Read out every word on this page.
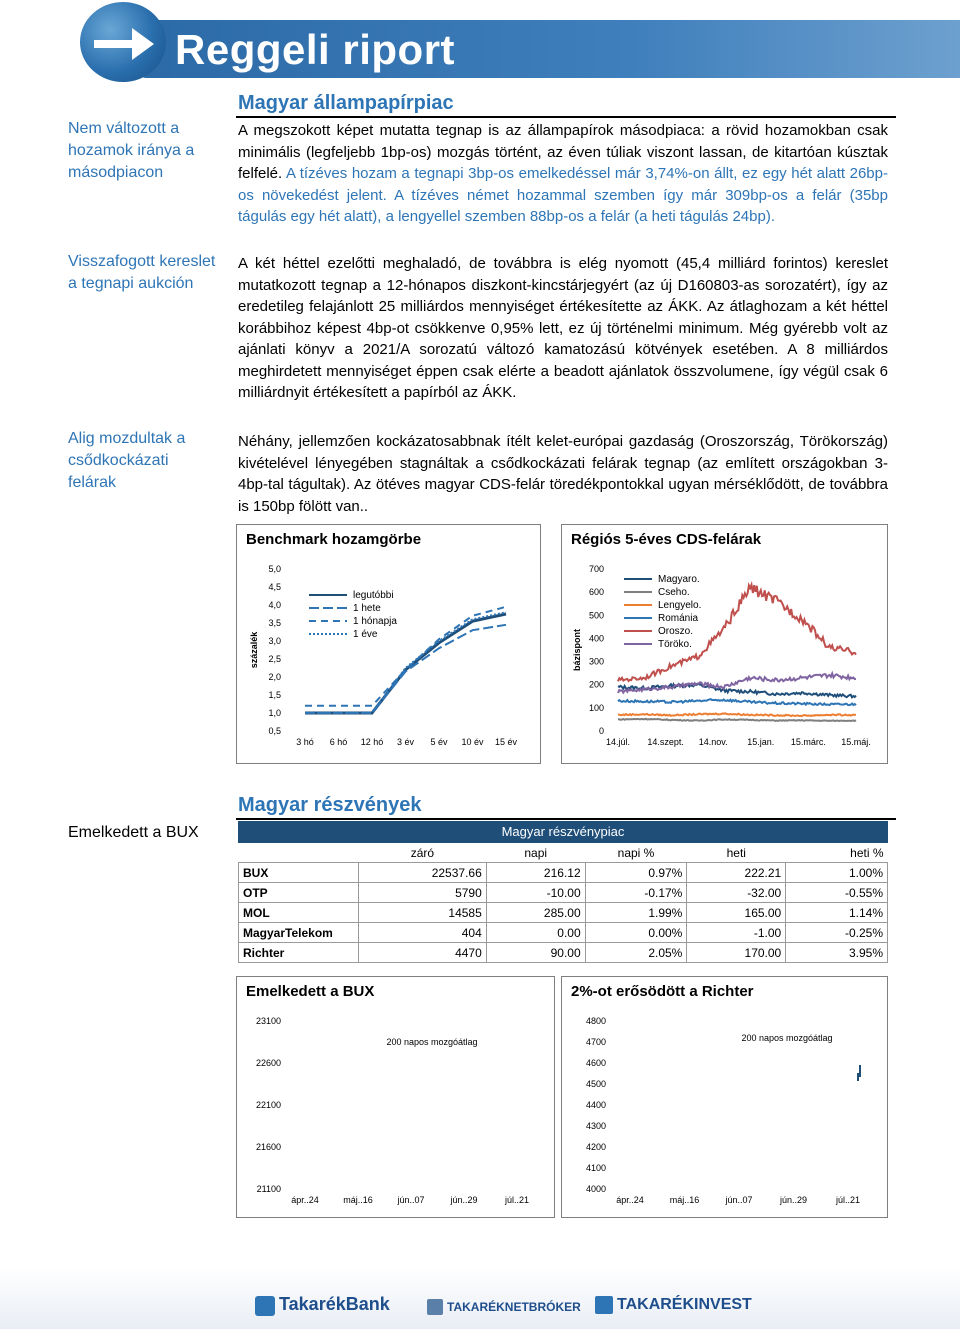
Reggeli riport
Magyar állampapírpiac
Nem változott a hozamok iránya a másodpiacon
Visszafogott kereslet a tegnapi aukción
Alig mozdultak a csődkockázati felárak
A megszokott képet mutatta tegnap is az állampapírok másodpiaca: a rövid hozamokban csak minimális (legfeljebb 1bp-os) mozgás történt, az éven túliak viszont lassan, de kitartóan kúsztak felfelé. A tízéves hozam a tegnapi 3bp-os emelkedéssel már 3,74%-on állt, ez egy hét alatt 26bp-os növekedést jelent. A tízéves német hozammal szemben így már 309bp-os a felár (35bp tágulás egy hét alatt), a lengyellel szemben 88bp-os a felár (a heti tágulás 24bp).
A két héttel ezelőtti meghaladó, de továbbra is elég nyomott (45,4 milliárd forintos) kereslet mutatkozott tegnap a 12-hónapos diszkont-kincstárjegyért (az új D160803-as sorozatért), így az eredetileg felajánlott 25 milliárdos mennyiséget értékesítette az ÁKK. Az átlaghozam a két héttel korábbihoz képest 4bp-ot csökkenve 0,95% lett, ez új történelmi minimum. Még gyérebb volt az ajánlati könyv a 2021/A sorozatú változó kamatozású kötvények esetében. A 8 milliárdos meghirdetett mennyiséget éppen csak elérte a beadott ajánlatok összvolumene, így végül csak 6 milliárdnyit értékesített a papírból az ÁKK.
Néhány, jellemzően kockázatosabbnak ítélt kelet-európai gazdaság (Oroszország, Törökország) kivételével lényegében stagnáltak a csődkockázati felárak tegnap (az említett országokban 3-4bp-tal tágultak). Az ötéves magyar CDS-felár töredékpontokkal ugyan mérséklődött, de továbbra is 150bp fölött van..
Benchmark hozamgörbe
5,0
4,5
4,0
3,5
3,0
2,5
2,0
1,5
1,0
0,5
százalék
3 hó 6 hó 12 hó 3 év 5 év 10 év 15 év
legutóbbi
1 hete
1 hónapja
1 éve
Régiós 5-éves CDS-felárak
700
600
500
400
300
200
100
0
bázispont
14.júl. 14.szept. 14.nov. 15.jan. 15.márc. 15.máj.
Magyaro.
Cseho.
Lengyelo.
Románia
Oroszo.
Töröko.
Magyar részvények
Emelkedett a BUX	Magyar részvénypiac
	záró	napi	napi %	heti	heti %
BUX	22537.66	216.12	0.97%	222.21	1.00%
OTP	5790	-10.00	-0.17%	-32.00	-0.55%
MOL	14585	285.00	1.99%	165.00	1.14%
MagyarTelekom	404	0.00	0.00%	-1.00	-0.25%
Richter	4470	90.00	2.05%	170.00	3.95%
Emelkedett a BUX
23100
22600
22100
21600
21100
ápr..24	máj..16	jún..07	jún..29	júl..21
200 napos mozgóátlag
2%-ot erősödött a Richter
4800
4700
4600
4500
4400
4300
4200
4100
4000
ápr..24	máj..16	jún..07	jún..29	júl..21
200 napos mozgóátlag
TakarékBank	TAKARÉKNETBRÓKER	TAKARÉKINVEST
